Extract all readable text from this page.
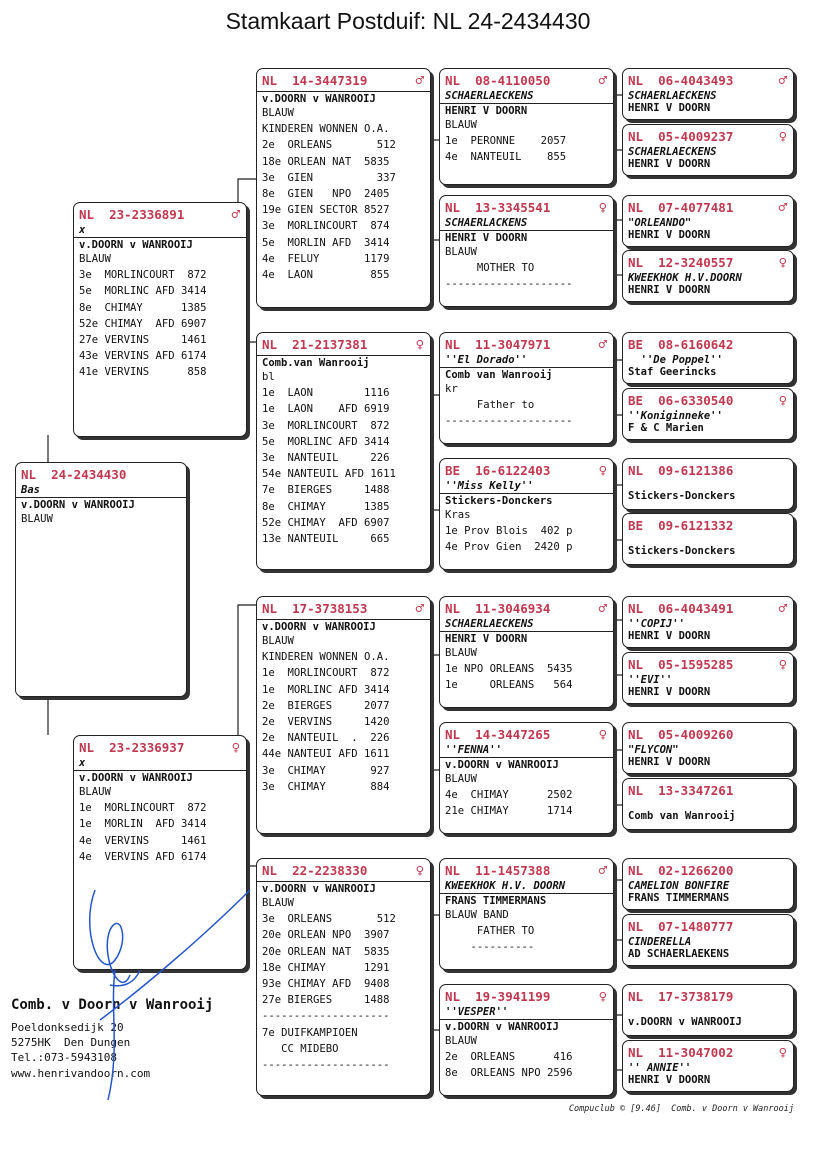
Stamkaart Postduif: NL 24-2434430
NL  24-2434430
Bas
v.DOORN v WANROOIJ
BLAUW
NL  23-2336891	♂
x
v.DOORN v WANROOIJ
BLAUW
3e  MORLINCOURT  872
5e  MORLINC AFD 3414
8e  CHIMAY      1385
52e CHIMAY  AFD 6907
27e VERVINS     1461
43e VERVINS AFD 6174
41e VERVINS      858
NL  23-2336937	♀
x
v.DOORN v WANROOIJ
BLAUW
1e  MORLINCOURT  872
1e  MORLIN  AFD 3414
4e  VERVINS     1461
4e  VERVINS AFD 6174
NL  14-3447319	♂
v.DOORN v WANROOIJ
BLAUW
KINDEREN WONNEN O.A.
2e  ORLEANS       512
18e ORLEAN NAT  5835
3e  GIEN          337
8e  GIEN   NPO  2405
19e GIEN SECTOR 8527
3e  MORLINCOURT  874
5e  MORLIN AFD  3414
4e  FELUY       1179
4e  LAON         855
NL  21-2137381	♀
Comb.van Wanrooij
bl
1e  LAON        1116
1e  LAON    AFD 6919
3e  MORLINCOURT  872
5e  MORLINC AFD 3414
3e  NANTEUIL     226
54e NANTEUIL AFD 1611
7e  BIERGES     1488
8e  CHIMAY      1385
52e CHIMAY  AFD 6907
13e NANTEUIL     665
NL  17-3738153	♂
v.DOORN v WANROOIJ
BLAUW
KINDEREN WONNEN O.A.
1e  MORLINCOURT  872
1e  MORLINC AFD 3414
2e  BIERGES     2077
2e  VERVINS     1420
2e  NANTEUIL  .  226
44e NANTEUI AFD 1611
3e  CHIMAY       927
3e  CHIMAY       884
NL  22-2238330	♀
v.DOORN v WANROOIJ
BLAUW
3e  ORLEANS       512
20e ORLEAN NPO  3907
20e ORLEAN NAT  5835
18e CHIMAY      1291
93e CHIMAY AFD  9408
27e BIERGES     1488
--------------------
7e DUIFKAMPIOEN
CC MIDEBO
--------------------
NL  08-4110050	♂
SCHAERLAECKENS
HENRI V DOORN
BLAUW
1e  PERONNE    2057
4e  NANTEUIL    855
NL  13-3345541	♀
SCHAERLACKENS
HENRI V DOORN
BLAUW
MOTHER TO
--------------------
NL  11-3047971	♂
''El Dorado''
Comb van Wanrooij
kr
Father to
--------------------
BE  16-6122403	♀
''Miss Kelly''
Stickers-Donckers
Kras
1e Prov Blois  402 p
4e Prov Gien  2420 p
NL  11-3046934	♂
SCHAERLAECKENS
HENRI V DOORN
BLAUW
1e NPO ORLEANS  5435
1e     ORLEANS   564
NL  14-3447265	♀
''FENNA''
v.DOORN v WANROOIJ
BLAUW
4e  CHIMAY      2502
21e CHIMAY      1714
NL  11-1457388	♂
KWEEKHOK H.V. DOORN
FRANS TIMMERMANS
BLAUW BAND
FATHER TO
----------
NL  19-3941199	♀
''VESPER''
v.DOORN v WANROOIJ
BLAUW
2e  ORLEANS      416
8e  ORLEANS NPO 2596
NL  06-4043493	♂
SCHAERLAECKENS
HENRI V DOORN
NL  05-4009237	♀
SCHAERLAECKENS
HENRI V DOORN
NL  07-4077481	♂
"ORLEANDO"
HENRI V DOORN
NL  12-3240557	♀
KWEEKHOK H.V.DOORN
HENRI V DOORN
BE  08-6160642
''De Poppel''
Staf Geerincks
BE  06-6330540	♀
''Koniginneke''
F & C Marien
NL  09-6121386
Stickers-Donckers
BE  09-6121332
Stickers-Donckers
NL  06-4043491	♂
''COPIJ''
HENRI V DOORN
NL  05-1595285	♀
''EVI''
HENRI V DOORN
NL  05-4009260
"FLYCON"
HENRI V DOORN
NL  13-3347261
Comb van Wanrooij
NL  02-1266200
CAMELION BONFIRE
FRANS TIMMERMANS
NL  07-1480777
CINDERELLA
AD SCHAERLAEKENS
NL  17-3738179
v.DOORN v WANROOIJ
NL  11-3047002	♀
'' ANNIE''
HENRI V DOORN
Comb. v Doorn v Wanrooij
Poeldonksedijk 20
5275HK  Den Dungen
Tel.:073-5943108
www.henrivandoorn.com
Compuclub © [9.46]  Comb. v Doorn v Wanrooij
